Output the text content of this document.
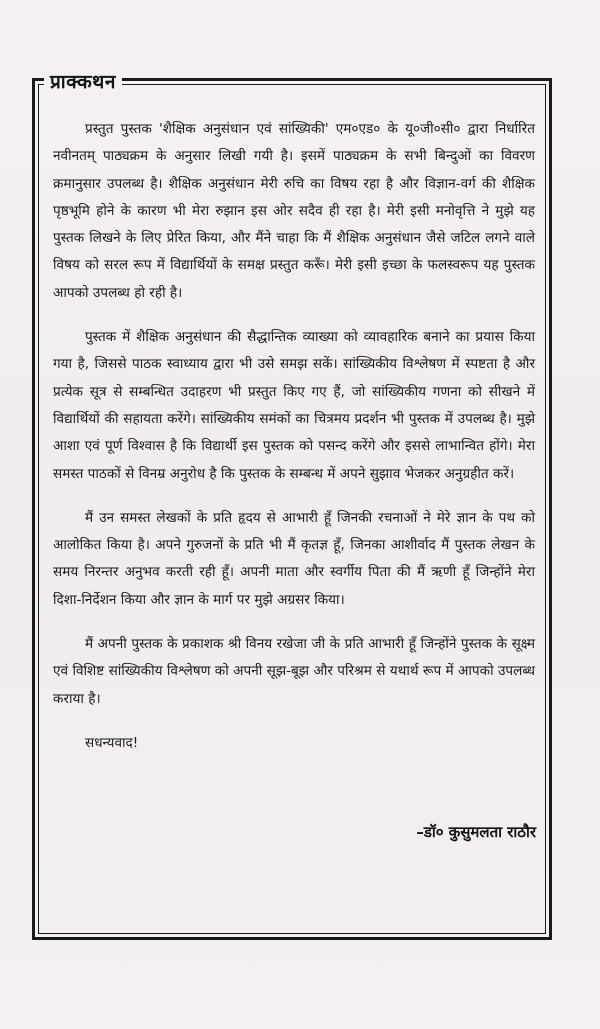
प्राक्कथन

प्रस्तुत पुस्तक 'शैक्षिक अनुसंधान एवं सांख्यिकी' एम०एड० के यू०जी०सी० द्वारा निर्धारित नवीनतम् पाठ्यक्रम के अनुसार लिखी गयी है। इसमें पाठ्यक्रम के सभी बिन्दुओं का विवरण क्रमानुसार उपलब्ध है। शैक्षिक अनुसंधान मेरी रुचि का विषय रहा है और विज्ञान-वर्ग की शैक्षिक पृष्ठभूमि होने के कारण भी मेरा रुझान इस ओर सदैव ही रहा है। मेरी इसी मनोवृत्ति ने मुझे यह पुस्तक लिखने के लिए प्रेरित किया, और मैंने चाहा कि मैं शैक्षिक अनुसंधान जैसे जटिल लगने वाले विषय को सरल रूप में विद्यार्थियों के समक्ष प्रस्तुत करूँ। मेरी इसी इच्छा के फलस्वरूप यह पुस्तक आपको उपलब्ध हो रही है।

पुस्तक में शैक्षिक अनुसंधान की सैद्धान्तिक व्याख्या को व्यावहारिक बनाने का प्रयास किया गया है, जिससे पाठक स्वाध्याय द्वारा भी उसे समझ सकें। सांख्यिकीय विश्लेषण में स्पष्टता है और प्रत्येक सूत्र से सम्बन्धित उदाहरण भी प्रस्तुत किए गए हैं, जो सांख्यिकीय गणना को सीखने में विद्यार्थियों की सहायता करेंगे। सांख्यिकीय समंकों का चित्रमय प्रदर्शन भी पुस्तक में उपलब्ध है। मुझे आशा एवं पूर्ण विश्वास है कि विद्यार्थी इस पुस्तक को पसन्द करेंगे और इससे लाभान्वित होंगे। मेरा समस्त पाठकों से विनम्र अनुरोध है कि पुस्तक के सम्बन्ध में अपने सुझाव भेजकर अनुग्रहीत करें।

मैं उन समस्त लेखकों के प्रति हृदय से आभारी हूँ जिनकी रचनाओं ने मेरे ज्ञान के पथ को आलोकित किया है। अपने गुरुजनों के प्रति भी मैं कृतज्ञ हूँ, जिनका आशीर्वाद मैं पुस्तक लेखन के समय निरन्तर अनुभव करती रही हूँ। अपनी माता और स्वर्गीय पिता की मैं ऋणी हूँ जिन्होंने मेरा दिशा-निर्देशन किया और ज्ञान के मार्ग पर मुझे अग्रसर किया।

मैं अपनी पुस्तक के प्रकाशक श्री विनय रखेजा जी के प्रति आभारी हूँ जिन्होंने पुस्तक के सूक्ष्म एवं विशिष्ट सांख्यिकीय विश्लेषण को अपनी सूझ-बूझ और परिश्रम से यथार्थ रूप में आपको उपलब्ध कराया है।

सधन्यवाद!

–डॉ० कुसुमलता राठौर
